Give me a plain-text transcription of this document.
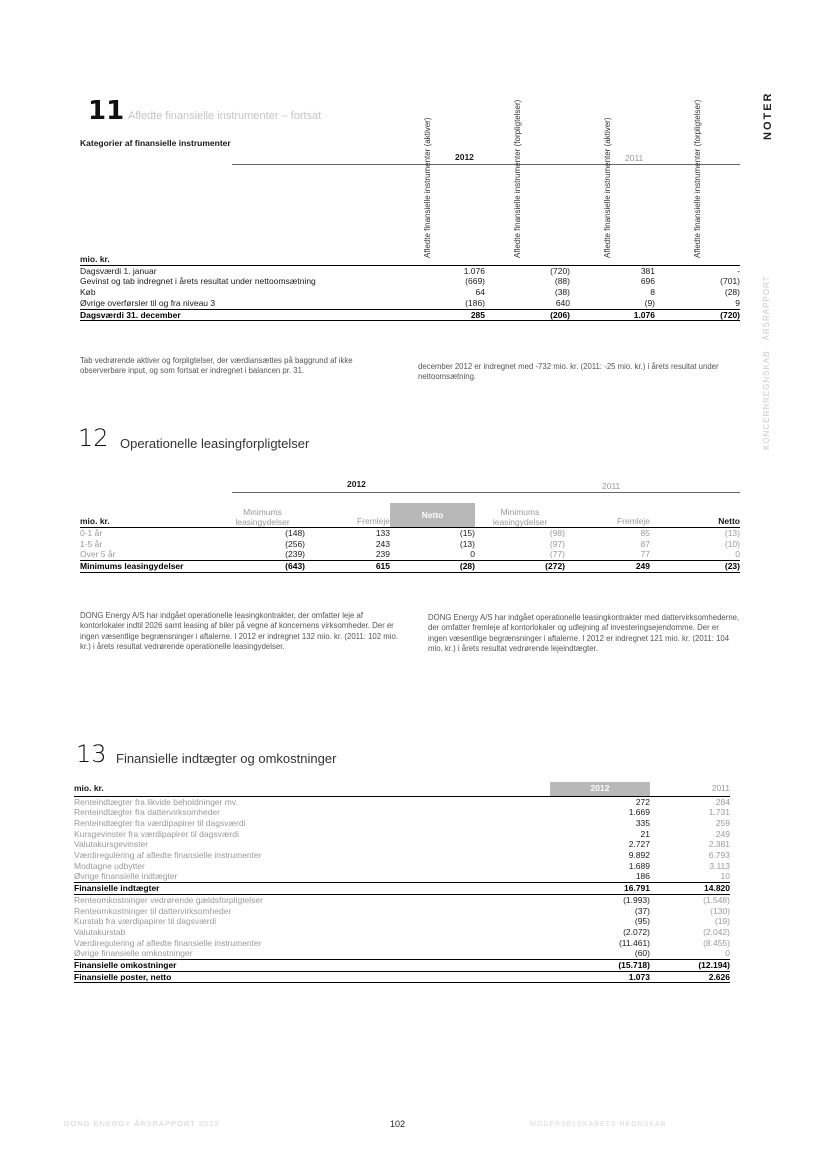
NOTER
KONCERNREGNSKAB · ÅRSRAPPORT
11 Afledte finansielle instrumenter – fortsat
Kategorier af finansielle instrumenter
2012	2011
Afledte finansielle instrumenter (aktiver)	Afledte finansielle instrumenter (forpligtelser)	Afledte finansielle instrumenter (aktiver)	Afledte finansielle instrumenter (forpligtelser)
mio. kr.				
Dagsværdi 1. januar	1.076	(720)	381	-
Gevinst og tab indregnet i årets resultat under nettoomsætning	(669)	(88)	696	(701)
Køb	64	(38)	8	(28)
Øvrige overførsler til og fra niveau 3	(186)	640	(9)	9
Dagsværdi 31. december	285	(206)	1.076	(720)
Tab vedrørende aktiver og forpligtelser, der værdiansættes på baggrund af ikke observerbare input, og som fortsat er indregnet i balancen pr. 31.	december 2012 er indregnet med -732 mio. kr. (2011: -25 mio. kr.) i årets resultat under nettoomsætning.
12 Operationelle leasingforpligtelser
2012	2011
mio. kr.	Minimums leasingydelser	Fremleje	Netto	Minimums leasingydelser	Fremleje	Netto
0-1 år	(148)	133	(15)	(98)	85	(13)
1-5 år	(256)	243	(13)	(97)	87	(10)
Over 5 år	(239)	239	0	(77)	77	0
Minimums leasingydelser	(643)	615	(28)	(272)	249	(23)
DONG Energy A/S har indgået operationelle leasingkontrakter, der omfatter leje af kontorlokaler indtil 2026 samt leasing af biler på vegne af koncernens virksomheder. Der er ingen væsentlige begrænsninger i aftalerne. I 2012 er indregnet 132 mio. kr. (2011: 102 mio. kr.) i årets resultat vedrørende operationelle leasingydelser.
DONG Energy A/S har indgået operationelle leasingkontrakter med dattervirksomhederne, der omfatter fremleje af kontorlokaler og udlejning af investeringsejendomme. Der er ingen væsentlige begrænsninger i aftalerne. I 2012 er indregnet 121 mio. kr. (2011: 104 mio. kr.) i årets resultat vedrørende lejeindtægter.
13 Finansielle indtægter og omkostninger
mio. kr.		2012	2011
Renteindtægter fra likvide beholdninger mv.		272	284
Renteindtægter fra dattervirksomheder		1.669	1.731
Renteindtægter fra værdipapirer til dagsværdi		335	259
Kursgevinster fra værdipapirer til dagsværdi		21	249
Valutakursgevinster		2.727	2.381
Værdiregulering af afledte finansielle instrumenter		9.892	6.793
Modtagne udbytter		1.689	3.113
Øvrige finansielle indtægter		186	10
Finansielle indtægter		16.791	14.820
Renteomkostninger vedrørende gældsforpligtelser		(1.993)	(1.548)
Renteomkostninger til dattervirksomheder		(37)	(130)
Kurstab fra værdipapirer til dagsværdi		(95)	(19)
Valutakurstab		(2.072)	(2.042)
Værdiregulering af afledte finansielle instrumenter		(11.461)	(8.455)
Øvrige finansielle omkostninger		(60)	0
Finansielle omkostninger		(15.718)	(12.194)
Finansielle poster, netto		1.073	2.626
DONG ENERGY ÅRSRAPPORT 2012	102	MODERSELSKABETS REGNSKAB
